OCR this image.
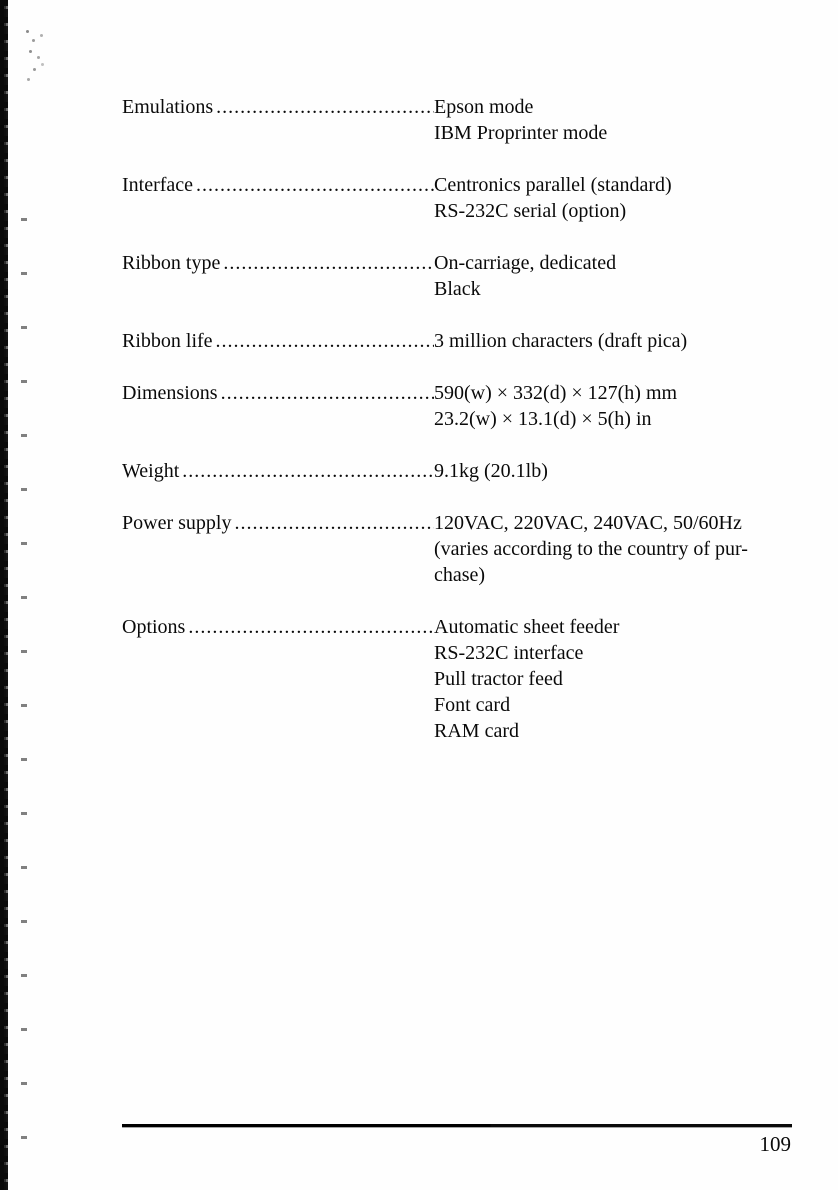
Emulations .....	Epson mode
IBM Proprinter mode
Interface .....	Centronics parallel (standard)
RS-232C serial (option)
Ribbon type .....	On-carriage, dedicated
Black
Ribbon life .....	3 million characters (draft pica)
Dimensions .....	590(w) × 332(d) × 127(h) mm
23.2(w) × 13.1(d) × 5(h) in
Weight .....	9.1kg (20.1lb)
Power supply .....	120VAC, 220VAC, 240VAC, 50/60Hz
(varies according to the country of pur-
chase)
Options .....	Automatic sheet feeder
RS-232C interface
Pull tractor feed
Font card
RAM card
109
